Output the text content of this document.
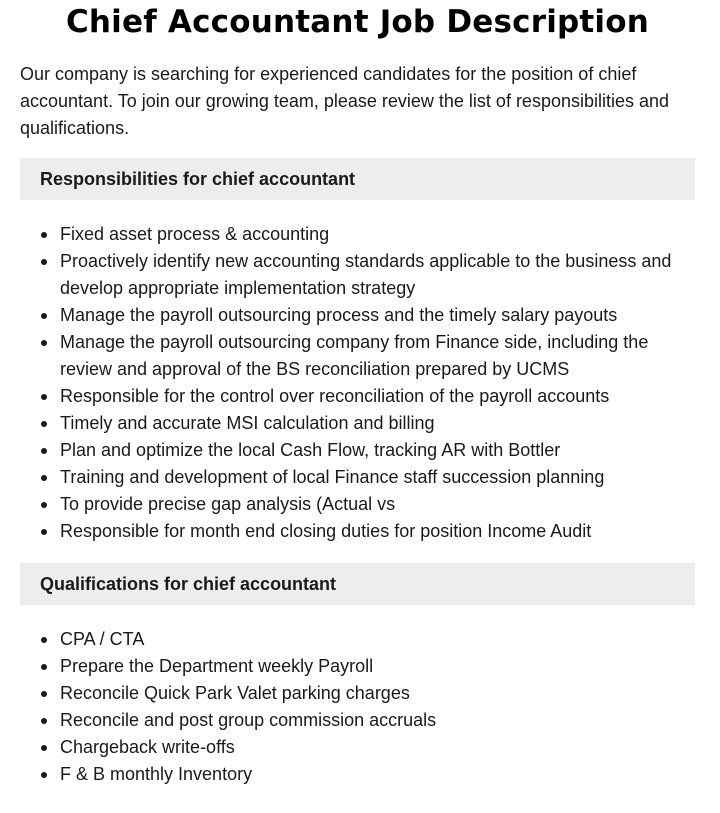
Chief Accountant Job Description

Our company is searching for experienced candidates for the position of chief accountant. To join our growing team, please review the list of responsibilities and qualifications.

Responsibilities for chief accountant
Fixed asset process & accounting
Proactively identify new accounting standards applicable to the business and develop appropriate implementation strategy
Manage the payroll outsourcing process and the timely salary payouts
Manage the payroll outsourcing company from Finance side, including the review and approval of the BS reconciliation prepared by UCMS
Responsible for the control over reconciliation of the payroll accounts
Timely and accurate MSI calculation and billing
Plan and optimize the local Cash Flow, tracking AR with Bottler
Training and development of local Finance staff succession planning
To provide precise gap analysis (Actual vs
Responsible for month end closing duties for position Income Audit
Qualifications for chief accountant
CPA / CTA
Prepare the Department weekly Payroll
Reconcile Quick Park Valet parking charges
Reconcile and post group commission accruals
Chargeback write-offs
F & B monthly Inventory
